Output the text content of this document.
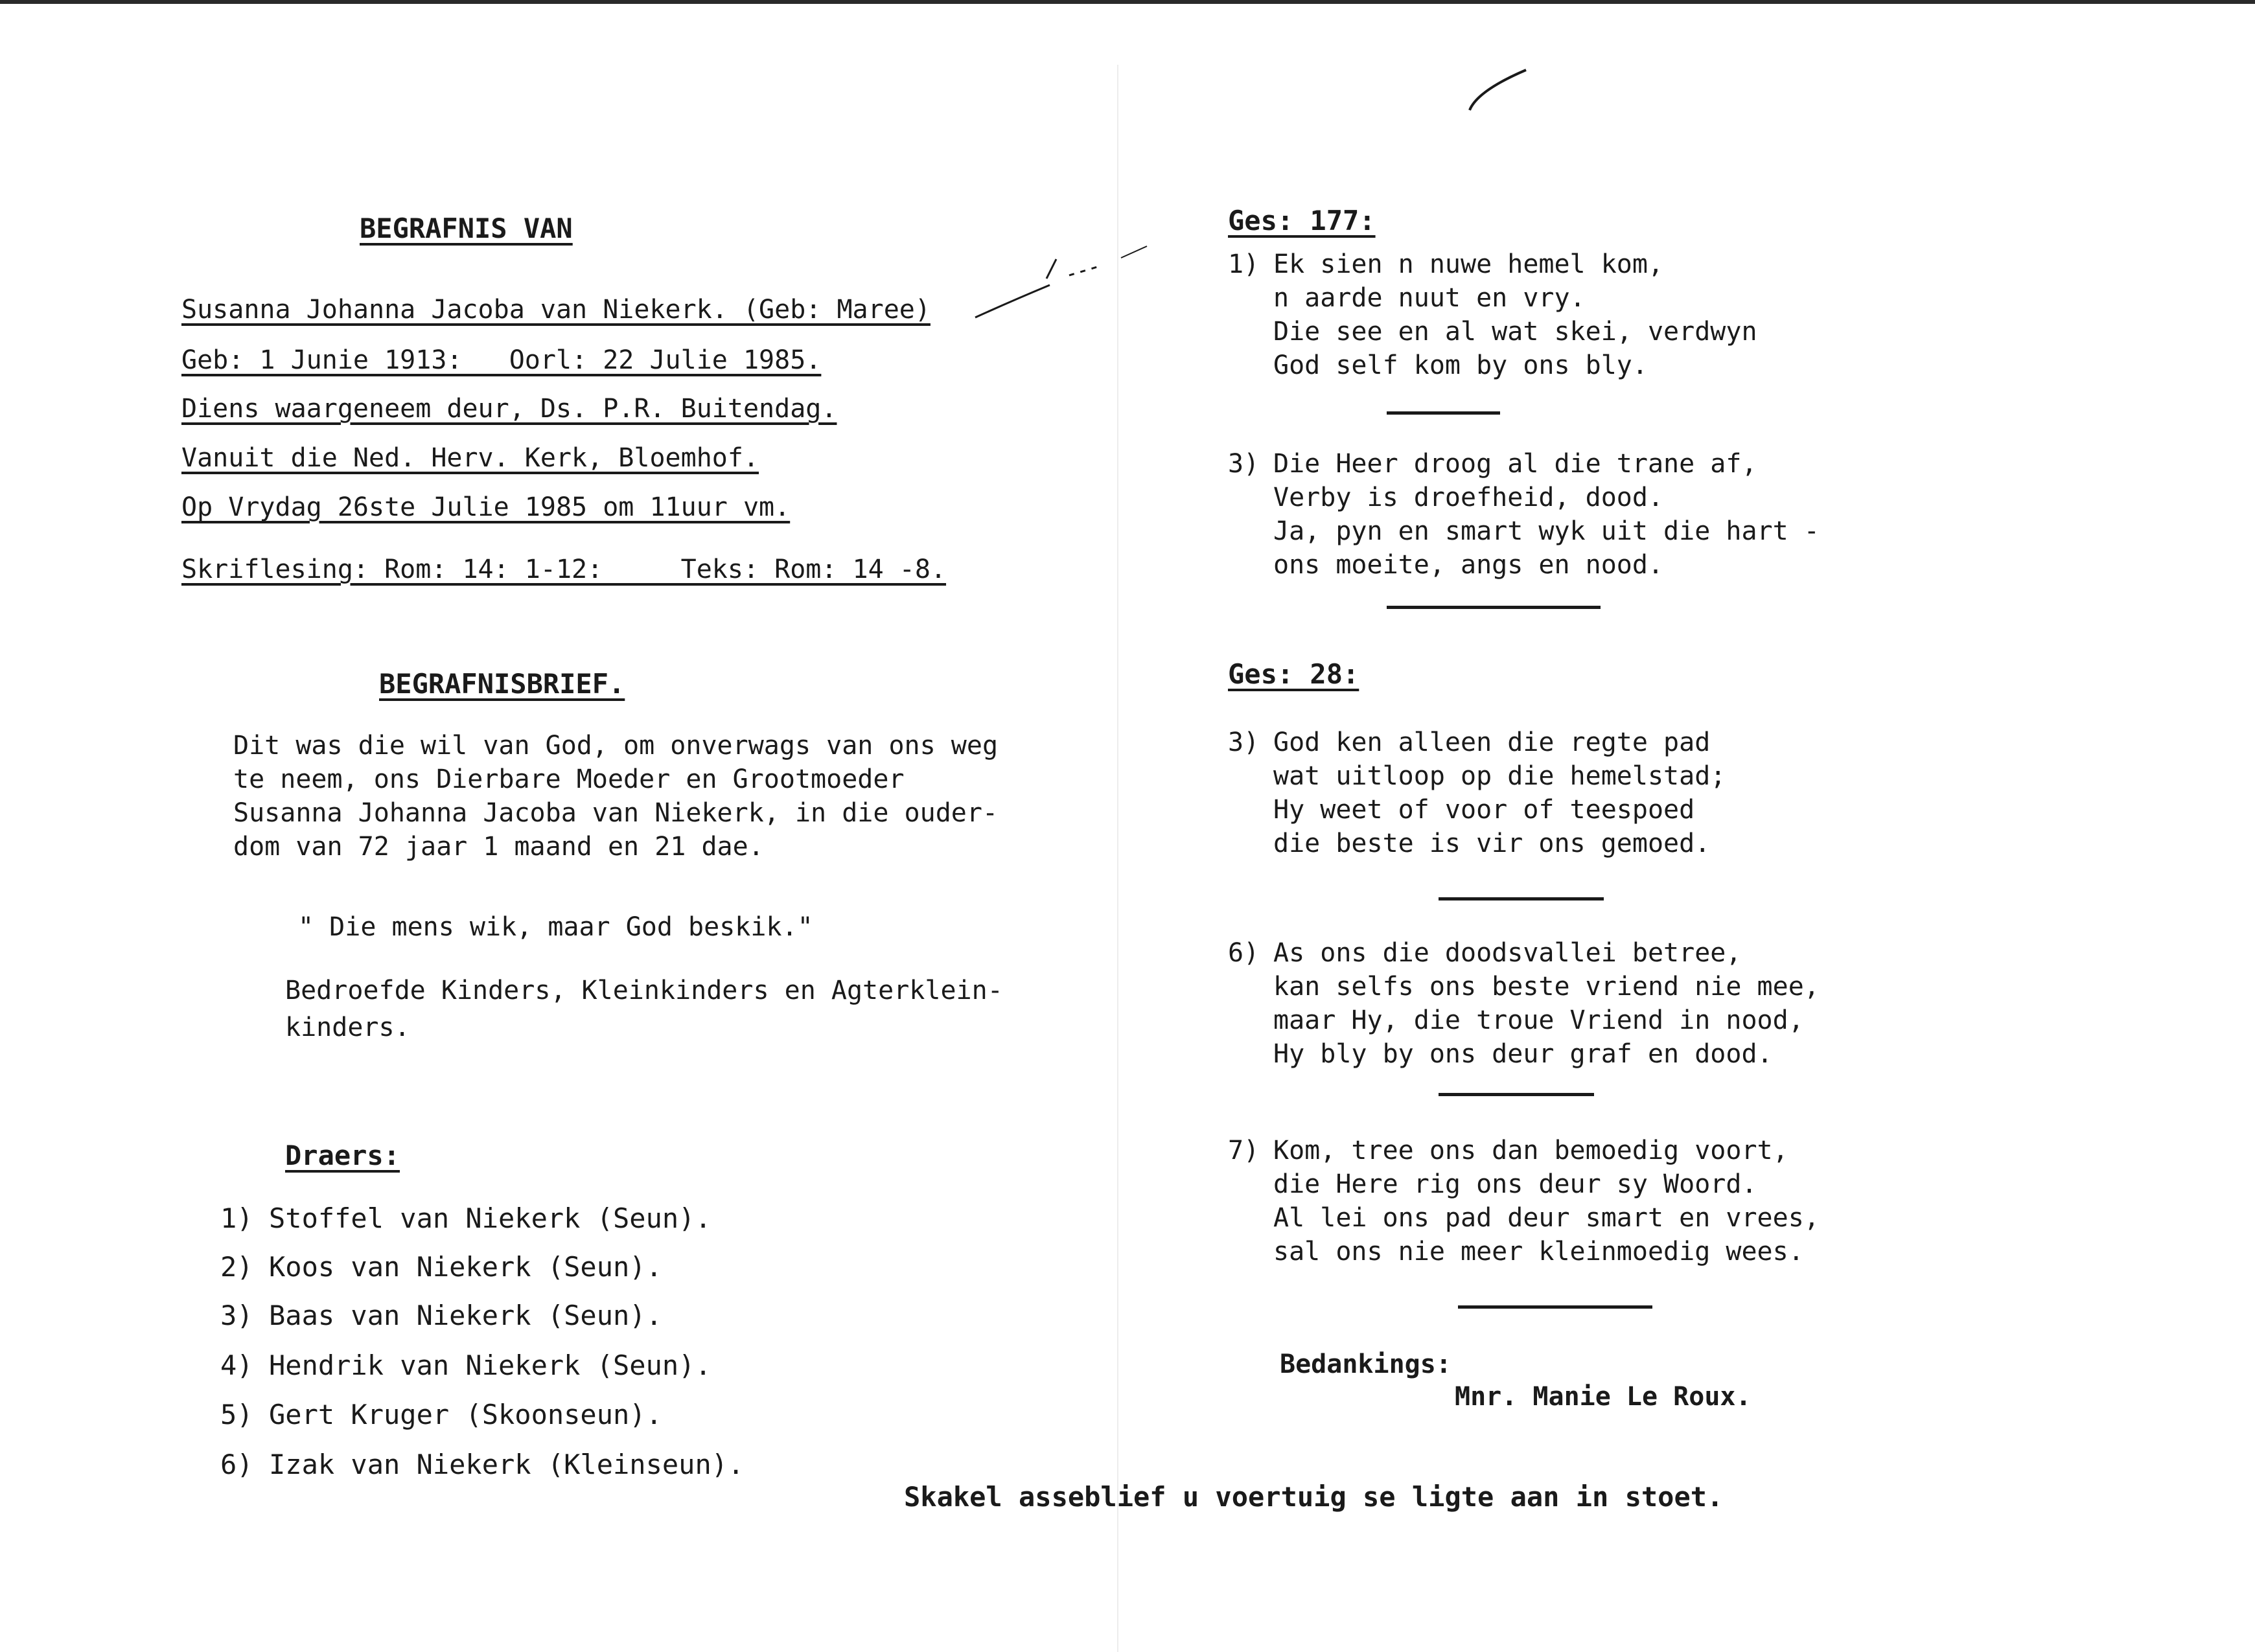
BEGRAFNIS VAN
Susanna Johanna Jacoba van Niekerk. (Geb: Maree)
Geb: 1 Junie 1913:   Oorl: 22 Julie 1985.
Diens waargeneem deur, Ds. P.R. Buitendag.
Vanuit die Ned. Herv. Kerk, Bloemhof.
Op Vrydag 26ste Julie 1985 om 11uur vm.
Skriflesing: Rom: 14: 1-12:     Teks: Rom: 14 -8.
BEGRAFNISBRIEF.
Dit was die wil van God, om onverwags van ons weg
te neem, ons Dierbare Moeder en Grootmoeder
Susanna Johanna Jacoba van Niekerk, in die ouder-
dom van 72 jaar 1 maand en 21 dae.
" Die mens wik, maar God beskik."
Bedroefde Kinders, Kleinkinders en Agterklein-
kinders.
Draers:
1) Stoffel van Niekerk (Seun).
2) Koos van Niekerk (Seun).
3) Baas van Niekerk (Seun).
4) Hendrik van Niekerk (Seun).
5) Gert Kruger (Skoonseun).
6) Izak van Niekerk (Kleinseun).
Ges: 177:
1) Ek sien n nuwe hemel kom,
n aarde nuut en vry.
Die see en al wat skei, verdwyn
God self kom by ons bly.
3) Die Heer droog al die trane af,
Verby is droefheid, dood.
Ja, pyn en smart wyk uit die hart -
ons moeite, angs en nood.
Ges: 28:
3) God ken alleen die regte pad
wat uitloop op die hemelstad;
Hy weet of voor of teespoed
die beste is vir ons gemoed.
6) As ons die doodsvallei betree,
kan selfs ons beste vriend nie mee,
maar Hy, die troue Vriend in nood,
Hy bly by ons deur graf en dood.
7) Kom, tree ons dan bemoedig voort,
die Here rig ons deur sy Woord.
Al lei ons pad deur smart en vrees,
sal ons nie meer kleinmoedig wees.
Bedankings:
Mnr. Manie Le Roux.
Skakel asseblief u voertuig se ligte aan in stoet.
